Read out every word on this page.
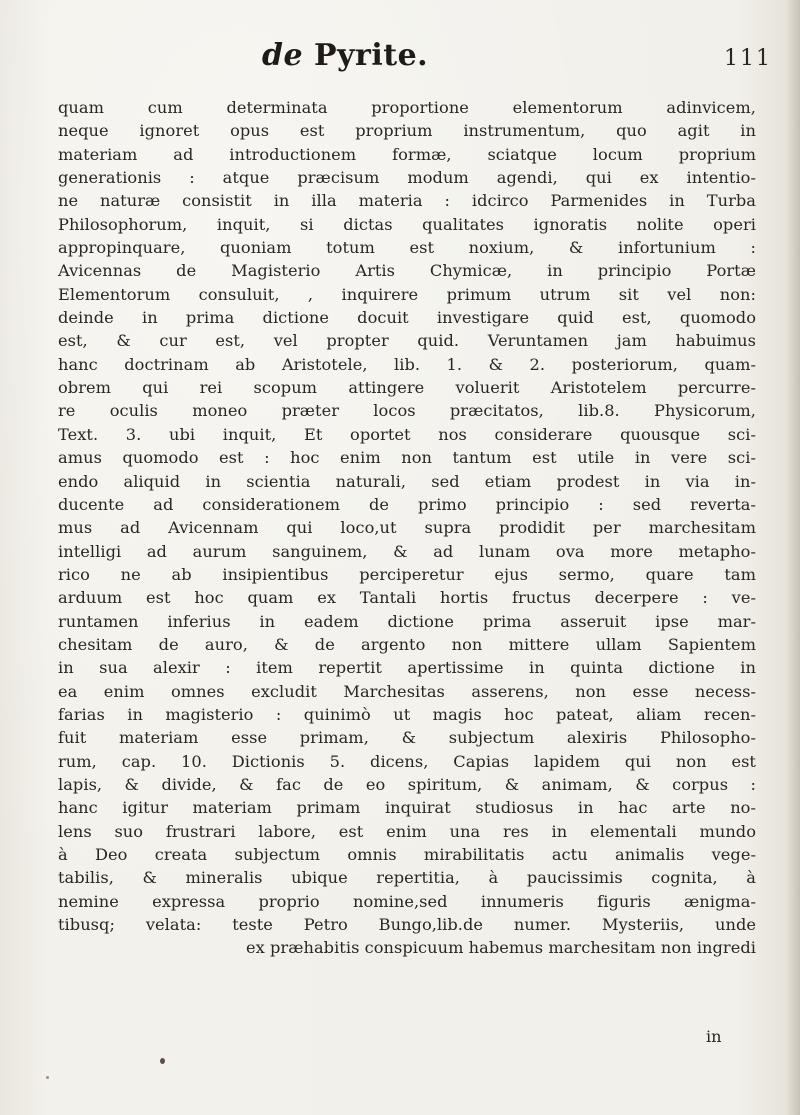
de Pyrite.	111
quam cum determinata proportione elementorum adinvicem,
neque ignoret opus est proprium instrumentum, quo agit in
materiam ad introductionem formæ, sciatque locum proprium
generationis : atque præcisum modum agendi, qui ex intentio-
ne naturæ consistit in illa materia : idcirco Parmenides in Turba
Philosophorum, inquit, si dictas qualitates ignoratis nolite operi
appropinquare, quoniam totum est noxium, & infortunium :
Avicennas de Magisterio Artis Chymicæ, in principio Portæ
Elementorum consuluit, , inquirere primum utrum sit vel non:
deinde in prima dictione docuit investigare quid est, quomodo
est, & cur est, vel propter quid. Veruntamen jam habuimus
hanc doctrinam ab Aristotele, lib. 1. & 2. posteriorum, quam-
obrem qui rei scopum attingere voluerit Aristotelem percurre-
re oculis moneo præter locos præcitatos, lib.8. Physicorum,
Text. 3. ubi inquit, Et oportet nos considerare quousque sci-
amus quomodo est : hoc enim non tantum est utile in vere sci-
endo aliquid in scientia naturali, sed etiam prodest in via in-
ducente ad considerationem de primo principio : sed reverta-
mus ad Avicennam qui loco,ut supra prodidit per marchesitam
intelligi ad aurum sanguinem, & ad lunam ova more metapho-
rico ne ab insipientibus perciperetur ejus sermo, quare tam
arduum est hoc quam ex Tantali hortis fructus decerpere : ve-
runtamen inferius in eadem dictione prima asseruit ipse mar-
chesitam de auro, & de argento non mittere ullam Sapientem
in sua alexir : item repertit apertissime in quinta dictione in
ea enim omnes excludit Marchesitas asserens, non esse necess-
farias in magisterio : quinimò ut magis hoc pateat, aliam recen-
fuit materiam esse primam, & subjectum alexiris Philosopho-
rum, cap. 10. Dictionis 5. dicens, Capias lapidem qui non est
lapis, & divide, & fac de eo spiritum, & animam, & corpus :
hanc igitur materiam primam inquirat studiosus in hac arte no-
lens suo frustrari labore, est enim una res in elementali mundo
à Deo creata subjectum omnis mirabilitatis actu animalis vege-
tabilis, & mineralis ubique repertitia, à paucissimis cognita, à
nemine expressa proprio nomine,sed innumeris figuris ænigma-
tibusq; velata: teste Petro Bungo,lib.de numer. Mysteriis, unde
ex præhabitis conspicuum habemus marchesitam non ingredi
in
